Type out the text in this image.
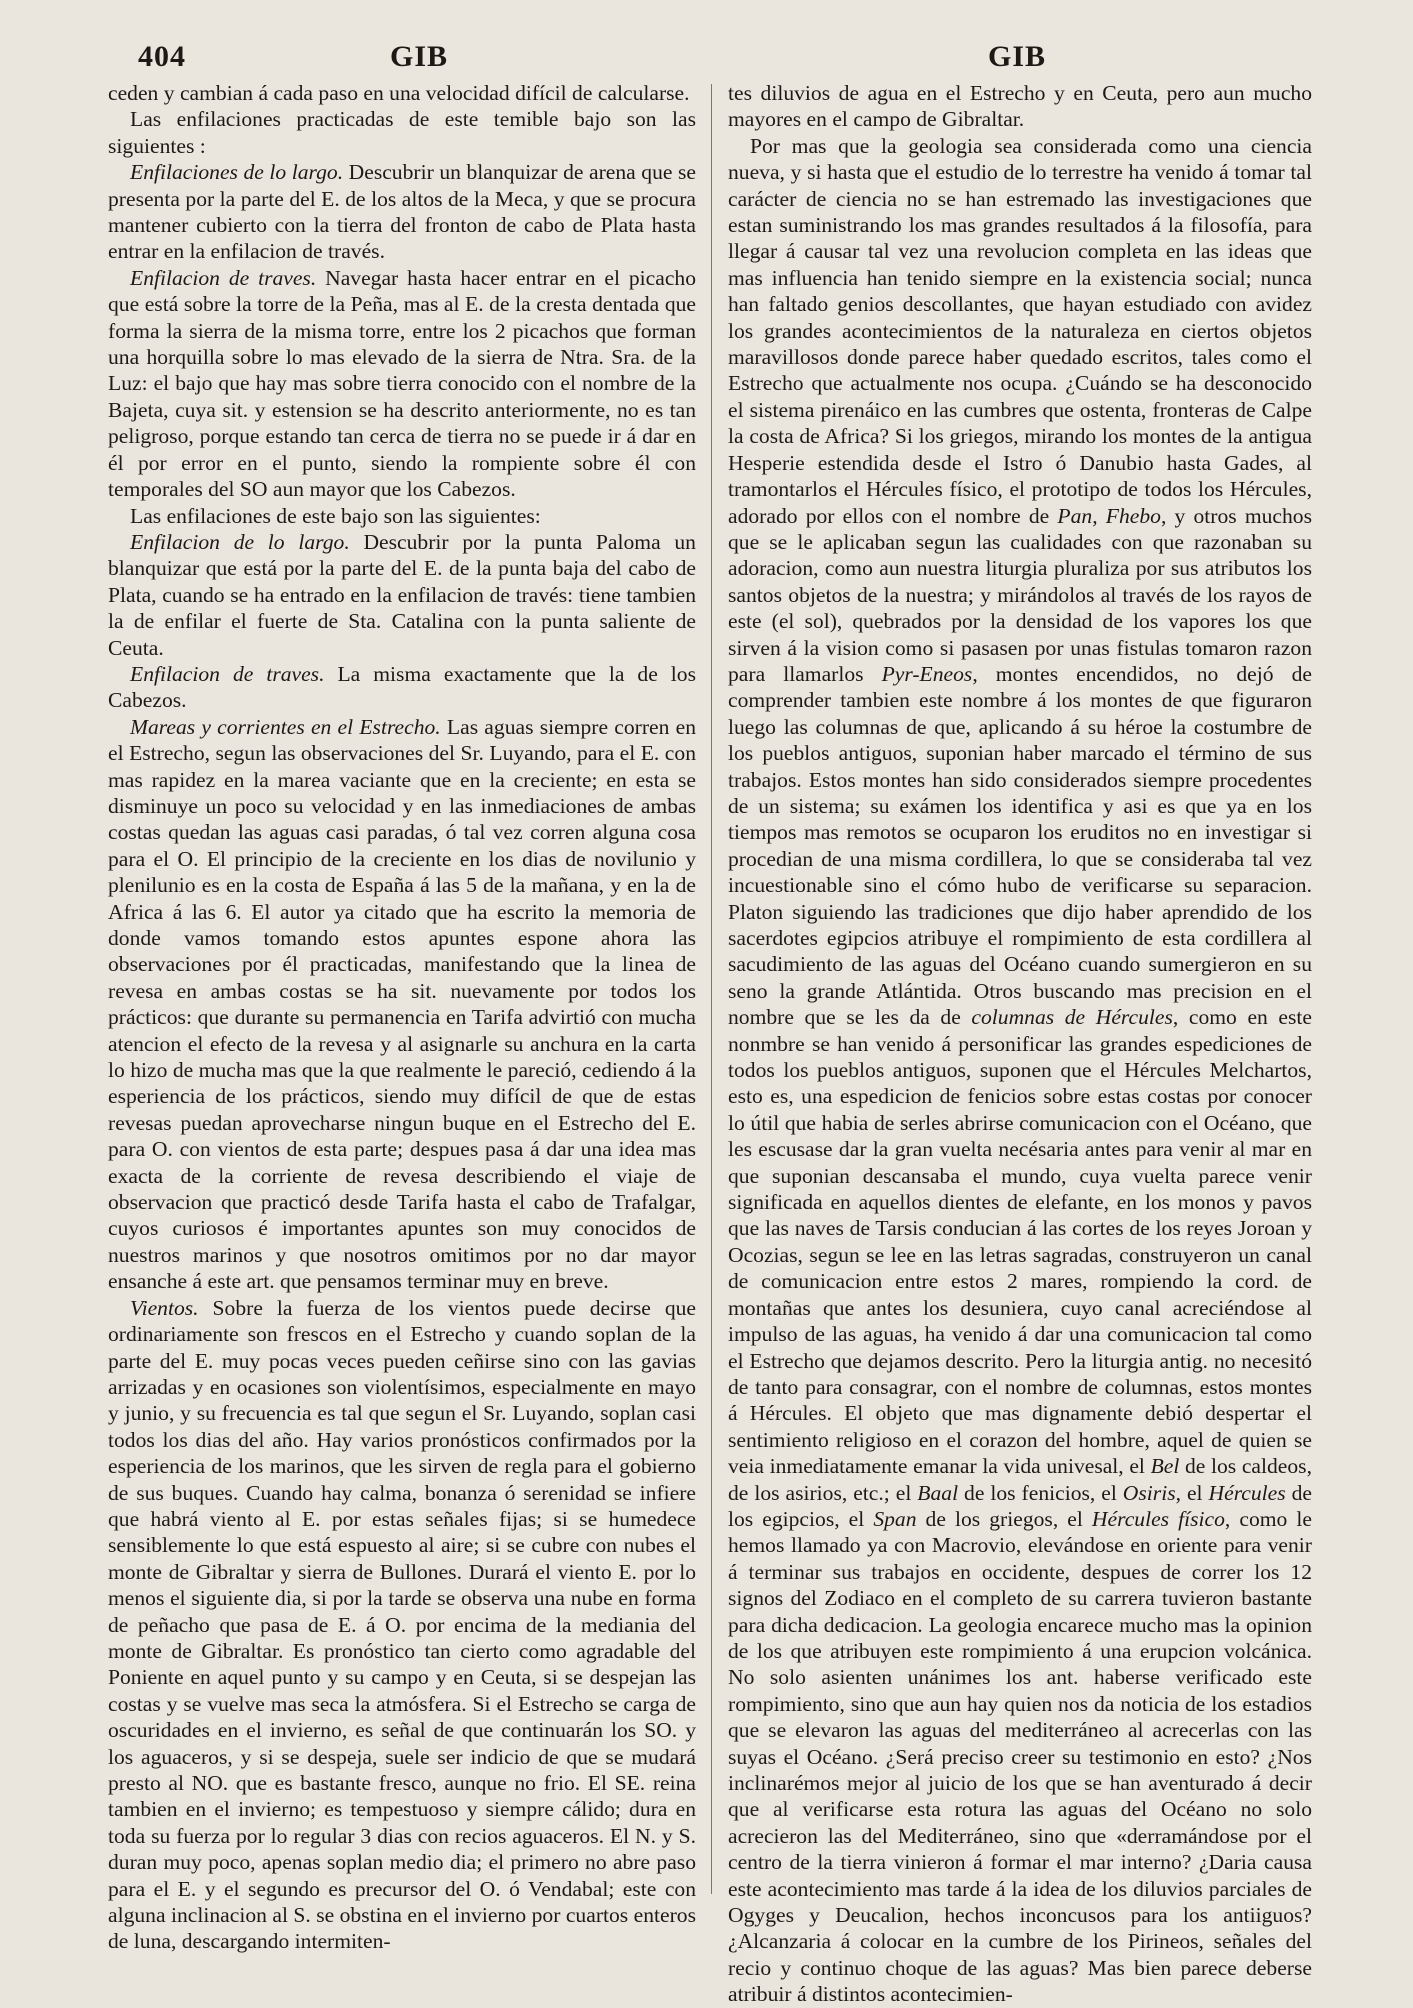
404	GIB	GIB

ceden y cambian á cada paso en una velocidad difícil de calcularse.

Las enfilaciones practicadas de este temible bajo son las siguientes :

Enfilaciones de lo largo. Descubrir un blanquizar de arena que se presenta por la parte del E. de los altos de la Meca, y que se procura mantener cubierto con la tierra del fronton de cabo de Plata hasta entrar en la enfilacion de través.

Enfilacion de traves. Navegar hasta hacer entrar en el picacho que está sobre la torre de la Peña, mas al E. de la cresta dentada que forma la sierra de la misma torre, entre los 2 picachos que forman una horquilla sobre lo mas elevado de la sierra de Ntra. Sra. de la Luz: el bajo que hay mas sobre tierra conocido con el nombre de la Bajeta, cuya sit. y estension se ha descrito anteriormente, no es tan peligroso, porque estando tan cerca de tierra no se puede ir á dar en él por error en el punto, siendo la rompiente sobre él con temporales del SO aun mayor que los Cabezos.

Las enfilaciones de este bajo son las siguientes:

Enfilacion de lo largo. Descubrir por la punta Paloma un blanquizar que está por la parte del E. de la punta baja del cabo de Plata, cuando se ha entrado en la enfilacion de través: tiene tambien la de enfilar el fuerte de Sta. Catalina con la punta saliente de Ceuta.

Enfilacion de traves. La misma exactamente que la de los Cabezos.

Mareas y corrientes en el Estrecho. Las aguas siempre corren en el Estrecho, segun las observaciones del Sr. Luyando, para el E. con mas rapidez en la marea vaciante que en la creciente; en esta se disminuye un poco su velocidad y en las inmediaciones de ambas costas quedan las aguas casi paradas, ó tal vez corren alguna cosa para el O. El principio de la creciente en los dias de novilunio y plenilunio es en la costa de España á las 5 de la mañana, y en la de Africa á las 6. El autor ya citado que ha escrito la memoria de donde vamos tomando estos apuntes espone ahora las observaciones por él practicadas, manifestando que la linea de revesa en ambas costas se ha sit. nuevamente por todos los prácticos: que durante su permanencia en Tarifa advirtió con mucha atencion el efecto de la revesa y al asignarle su anchura en la carta lo hizo de mucha mas que la que realmente le pareció, cediendo á la esperiencia de los prácticos, siendo muy difícil de que de estas revesas puedan aprovecharse ningun buque en el Estrecho del E. para O. con vientos de esta parte; despues pasa á dar una idea mas exacta de la corriente de revesa describiendo el viaje de observacion que practicó desde Tarifa hasta el cabo de Trafalgar, cuyos curiosos é importantes apuntes son muy conocidos de nuestros marinos y que nosotros omitimos por no dar mayor ensanche á este art. que pensamos terminar muy en breve.

Vientos. Sobre la fuerza de los vientos puede decirse que ordinariamente son frescos en el Estrecho y cuando soplan de la parte del E. muy pocas veces pueden ceñirse sino con las gavias arrizadas y en ocasiones son violentísimos, especialmente en mayo y junio, y su frecuencia es tal que segun el Sr. Luyando, soplan casi todos los dias del año. Hay varios pronósticos confirmados por la esperiencia de los marinos, que les sirven de regla para el gobierno de sus buques. Cuando hay calma, bonanza ó serenidad se infiere que habrá viento al E. por estas señales fijas; si se humedece sensiblemente lo que está espuesto al aire; si se cubre con nubes el monte de Gibraltar y sierra de Bullones. Durará el viento E. por lo menos el siguiente dia, si por la tarde se observa una nube en forma de peñacho que pasa de E. á O. por encima de la mediania del monte de Gibraltar. Es pronóstico tan cierto como agradable del Poniente en aquel punto y su campo y en Ceuta, si se despejan las costas y se vuelve mas seca la atmósfera. Si el Estrecho se carga de oscuridades en el invierno, es señal de que continuarán los SO. y los aguaceros, y si se despeja, suele ser indicio de que se mudará presto al NO. que es bastante fresco, aunque no frio. El SE. reina tambien en el invierno; es tempestuoso y siempre cálido; dura en toda su fuerza por lo regular 3 dias con recios aguaceros. El N. y S. duran muy poco, apenas soplan medio dia; el primero no abre paso para el E. y el segundo es precursor del O. ó Vendabal; este con alguna inclinacion al S. se obstina en el invierno por cuartos enteros de luna, descargando intermiten-

tes diluvios de agua en el Estrecho y en Ceuta, pero aun mucho mayores en el campo de Gibraltar.

Por mas que la geologia sea considerada como una ciencia nueva, y si hasta que el estudio de lo terrestre ha venido á tomar tal carácter de ciencia no se han estremado las investigaciones que estan suministrando los mas grandes resultados á la filosofía, para llegar á causar tal vez una revolucion completa en las ideas que mas influencia han tenido siempre en la existencia social; nunca han faltado genios descollantes, que hayan estudiado con avidez los grandes acontecimientos de la naturaleza en ciertos objetos maravillosos donde parece haber quedado escritos, tales como el Estrecho que actualmente nos ocupa. ¿Cuándo se ha desconocido el sistema pirenáico en las cumbres que ostenta, fronteras de Calpe la costa de Africa? Si los griegos, mirando los montes de la antigua Hesperie estendida desde el Istro ó Danubio hasta Gades, al tramontarlos el Hércules físico, el prototipo de todos los Hércules, adorado por ellos con el nombre de Pan, Fhebo, y otros muchos que se le aplicaban segun las cualidades con que razonaban su adoracion, como aun nuestra liturgia pluraliza por sus atributos los santos objetos de la nuestra; y mirándolos al través de los rayos de este (el sol), quebrados por la densidad de los vapores los que sirven á la vision como si pasasen por unas fistulas tomaron razon para llamarlos Pyr-Eneos, montes encendidos, no dejó de comprender tambien este nombre á los montes de que figuraron luego las columnas de que, aplicando á su héroe la costumbre de los pueblos antiguos, suponian haber marcado el término de sus trabajos. Estos montes han sido considerados siempre procedentes de un sistema; su exámen los identifica y asi es que ya en los tiempos mas remotos se ocuparon los eruditos no en investigar si procedian de una misma cordillera, lo que se consideraba tal vez incuestionable sino el cómo hubo de verificarse su separacion. Platon siguiendo las tradiciones que dijo haber aprendido de los sacerdotes egipcios atribuye el rompimiento de esta cordillera al sacudimiento de las aguas del Océano cuando sumergieron en su seno la grande Atlántida. Otros buscando mas precision en el nombre que se les da de columnas de Hércules, como en este nonmbre se han venido á personificar las grandes espediciones de todos los pueblos antiguos, suponen que el Hércules Melchartos, esto es, una espedicion de fenicios sobre estas costas por conocer lo útil que habia de serles abrirse comunicacion con el Océano, que les escusase dar la gran vuelta necésaria antes para venir al mar en que suponian descansaba el mundo, cuya vuelta parece venir significada en aquellos dientes de elefante, en los monos y pavos que las naves de Tarsis conducian á las cortes de los reyes Joroan y Ocozias, segun se lee en las letras sagradas, construyeron un canal de comunicacion entre estos 2 mares, rompiendo la cord. de montañas que antes los desuniera, cuyo canal acreciéndose al impulso de las aguas, ha venido á dar una comunicacion tal como el Estrecho que dejamos descrito. Pero la liturgia antig. no necesitó de tanto para consagrar, con el nombre de columnas, estos montes á Hércules. El objeto que mas dignamente debió despertar el sentimiento religioso en el corazon del hombre, aquel de quien se veia inmediatamente emanar la vida univesal, el Bel de los caldeos, de los asirios, etc.; el Baal de los fenicios, el Osiris, el Hércules de los egipcios, el Span de los griegos, el Hércules físico, como le hemos llamado ya con Macrovio, elevándose en oriente para venir á terminar sus trabajos en occidente, despues de correr los 12 signos del Zodiaco en el completo de su carrera tuvieron bastante para dicha dedicacion. La geologia encarece mucho mas la opinion de los que atribuyen este rompimiento á una erupcion volcánica. No solo asienten unánimes los ant. haberse verificado este rompimiento, sino que aun hay quien nos da noticia de los estadios que se elevaron las aguas del mediterráneo al acrecerlas con las suyas el Océano. ¿Será preciso creer su testimonio en esto? ¿Nos inclinarémos mejor al juicio de los que se han aventurado á decir que al verificarse esta rotura las aguas del Océano no solo acrecieron las del Mediterráneo, sino que «derramándose por el centro de la tierra vinieron á formar el mar interno? ¿Daria causa este acontecimiento mas tarde á la idea de los diluvios parciales de Ogyges y Deucalion, hechos inconcusos para los antiiguos? ¿Alcanzaria á colocar en la cumbre de los Pirineos, señales del recio y continuo choque de las aguas? Mas bien parece deberse atribuir á distintos acontecimien-
